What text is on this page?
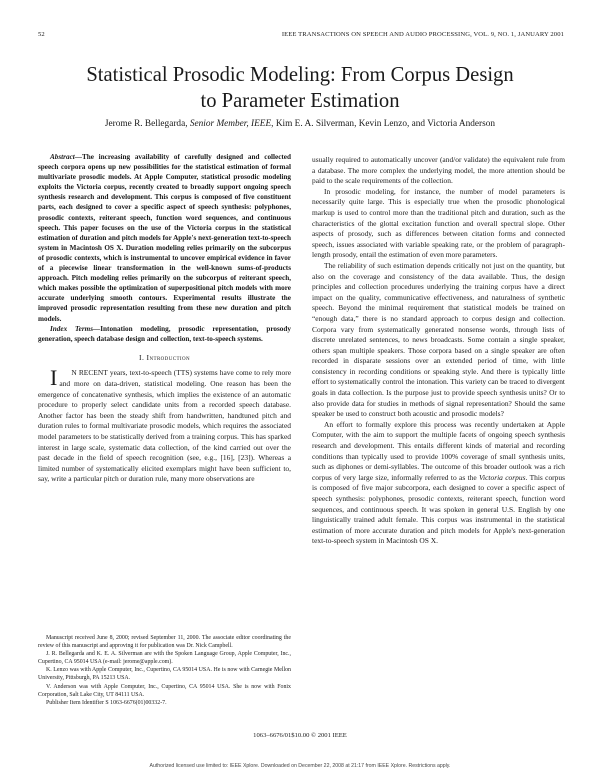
52	IEEE TRANSACTIONS ON SPEECH AND AUDIO PROCESSING, VOL. 9, NO. 1, JANUARY 2001
Statistical Prosodic Modeling: From Corpus Design
to Parameter Estimation
Jerome R. Bellegarda, Senior Member, IEEE, Kim E. A. Silverman, Kevin Lenzo, and Victoria Anderson

Abstract—The increasing availability of carefully designed and collected speech corpora opens up new possibilities for the statistical estimation of formal multivariate prosodic models. At Apple Computer, statistical prosodic modeling exploits the Victoria corpus, recently created to broadly support ongoing speech synthesis research and development. This corpus is composed of five constituent parts, each designed to cover a specific aspect of speech synthesis: polyphones, prosodic contexts, reiterant speech, function word sequences, and continuous speech. This paper focuses on the use of the Victoria corpus in the statistical estimation of duration and pitch models for Apple's next-generation text-to-speech system in Macintosh OS X. Duration modeling relies primarily on the subcorpus of prosodic contexts, which is instrumental to uncover empirical evidence in favor of a piecewise linear transformation in the well-known sums-of-products approach. Pitch modeling relies primarily on the subcorpus of reiterant speech, which makes possible the optimization of superpositional pitch models with more accurate underlying smooth contours. Experimental results illustrate the improved prosodic representation resulting from these new duration and pitch models.

Index Terms—Intonation modeling, prosodic representation, prosody generation, speech database design and collection, text-to-speech systems.

I. Introduction

I N RECENT years, text-to-speech (TTS) systems have come to rely more and more on data-driven, statistical modeling. One reason has been the emergence of concatenative synthesis, which implies the existence of an automatic procedure to properly select candidate units from a recorded speech database. Another factor has been the steady shift from handwritten, handtuned pitch and duration rules to formal multivariate prosodic models, which requires the associated model parameters to be statistically derived from a training corpus. This has sparked interest in large scale, systematic data collection, of the kind carried out over the past decade in the field of speech recognition (see, e.g., [16], [23]). Whereas a limited number of systematically elicited exemplars might have been sufficient to, say, write a particular pitch or duration rule, many more observations are

usually required to automatically uncover (and/or validate) the equivalent rule from a database. The more complex the underlying model, the more attention should be paid to the scale requirements of the collection.

In prosodic modeling, for instance, the number of model parameters is necessarily quite large. This is especially true when the prosodic phonological markup is used to control more than the traditional pitch and duration, such as the characteristics of the glottal excitation function and overall spectral slope. Other aspects of prosody, such as differences between citation forms and connected speech, issues associated with variable speaking rate, or the problem of paragraph-length prosody, entail the estimation of even more parameters.

The reliability of such estimation depends critically not just on the quantity, but also on the coverage and consistency of the data available. Thus, the design principles and collection procedures underlying the training corpus have a direct impact on the quality, communicative effectiveness, and naturalness of synthetic speech. Beyond the minimal requirement that statistical models be trained on “enough data,” there is no standard approach to corpus design and collection. Corpora vary from systematically generated nonsense words, through lists of discrete unrelated sentences, to news broadcasts. Some contain a single speaker, others span multiple speakers. Those corpora based on a single speaker are often recorded in disparate sessions over an extended period of time, with little consistency in recording conditions or speaking style. And there is typically little effort to systematically control the intonation. This variety can be traced to divergent goals in data collection. Is the purpose just to provide speech synthesis units? Or to also provide data for studies in methods of signal representation? Should the same speaker be used to construct both acoustic and prosodic models?

An effort to formally explore this process was recently undertaken at Apple Computer, with the aim to support the multiple facets of ongoing speech synthesis research and development. This entails different kinds of material and recording conditions than typically used to provide 100% coverage of small synthesis units, such as diphones or demi-syllables. The outcome of this broader outlook was a rich corpus of very large size, informally referred to as the Victoria corpus. This corpus is composed of five major subcorpora, each designed to cover a specific aspect of speech synthesis: polyphones, prosodic contexts, reiterant speech, function word sequences, and continuous speech. It was spoken in general U.S. English by one linguistically trained adult female. This corpus was instrumental in the statistical estimation of more accurate duration and pitch models for Apple's next-generation text-to-speech system in Macintosh OS X.

Manuscript received June 8, 2000; revised September 11, 2000. The associate editor coordinating the review of this manuscript and approving it for publication was Dr. Nick Campbell.

J. R. Bellegarda and K. E. A. Silverman are with the Spoken Language Group, Apple Computer, Inc., Cupertino, CA 95014 USA (e-mail: jerome@apple.com).

K. Lenzo was with Apple Computer, Inc., Cupertino, CA 95014 USA. He is now with Carnegie Mellon University, Pittsburgh, PA 15213 USA.

V. Anderson was with Apple Computer, Inc., Cupertino, CA 95014 USA. She is now with Fonix Corporation, Salt Lake City, UT 84111 USA.

Publisher Item Identifier S 1063-6676(01)00332-7.

1063–6676/01$10.00 © 2001 IEEE
Authorized licensed use limited to: IEEE Xplore. Downloaded on December 22, 2008 at 21:17 from IEEE Xplore. Restrictions apply.
